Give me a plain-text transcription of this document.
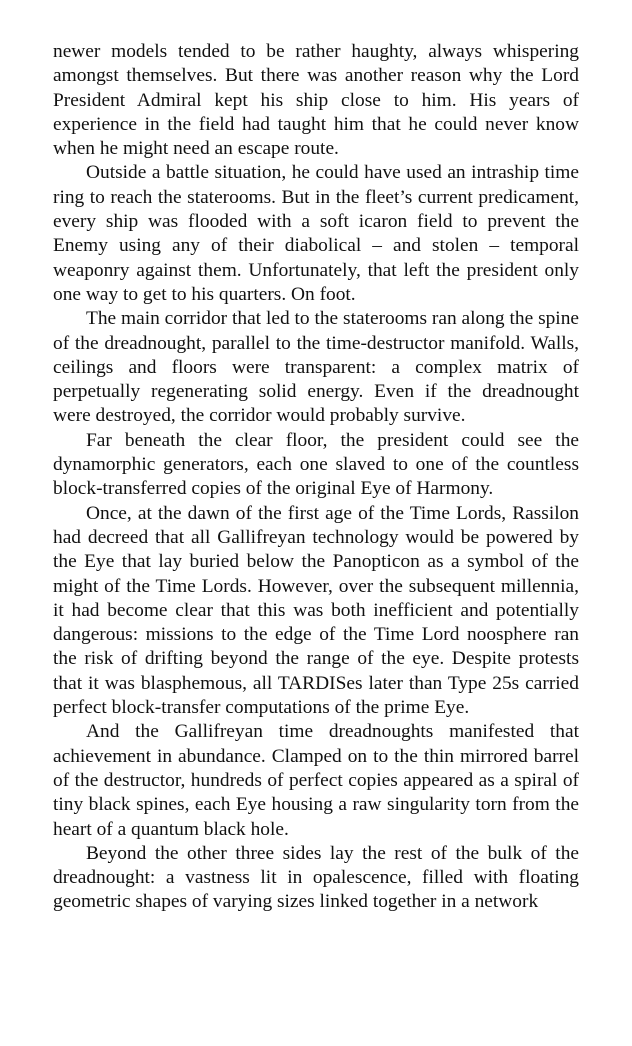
newer models tended to be rather haughty, always whispering amongst themselves. But there was another reason why the Lord President Admiral kept his ship close to him. His years of experience in the field had taught him that he could never know when he might need an escape route.

Outside a battle situation, he could have used an intraship time ring to reach the staterooms. But in the fleet’s current predicament, every ship was flooded with a soft icaron field to prevent the Enemy using any of their diabolical – and stolen – temporal weaponry against them. Unfortunately, that left the president only one way to get to his quarters. On foot.

The main corridor that led to the staterooms ran along the spine of the dreadnought, parallel to the time-destructor manifold. Walls, ceilings and floors were transparent: a complex matrix of perpetually regenerating solid energy. Even if the dreadnought were destroyed, the corridor would probably survive.

Far beneath the clear floor, the president could see the dynamorphic generators, each one slaved to one of the countless block-transferred copies of the original Eye of Harmony.

Once, at the dawn of the first age of the Time Lords, Rassilon had decreed that all Gallifreyan technology would be powered by the Eye that lay buried below the Panopticon as a symbol of the might of the Time Lords. However, over the subsequent millennia, it had become clear that this was both inefficient and potentially dangerous: missions to the edge of the Time Lord noosphere ran the risk of drifting beyond the range of the eye. Despite protests that it was blasphemous, all TARDISes later than Type 25s carried perfect block-transfer computations of the prime Eye.

And the Gallifreyan time dreadnoughts manifested that achievement in abundance. Clamped on to the thin mirrored barrel of the destructor, hundreds of perfect copies appeared as a spiral of tiny black spines, each Eye housing a raw singularity torn from the heart of a quantum black hole.

Beyond the other three sides lay the rest of the bulk of the dreadnought: a vastness lit in opalescence, filled with floating geometric shapes of varying sizes linked together in a network
